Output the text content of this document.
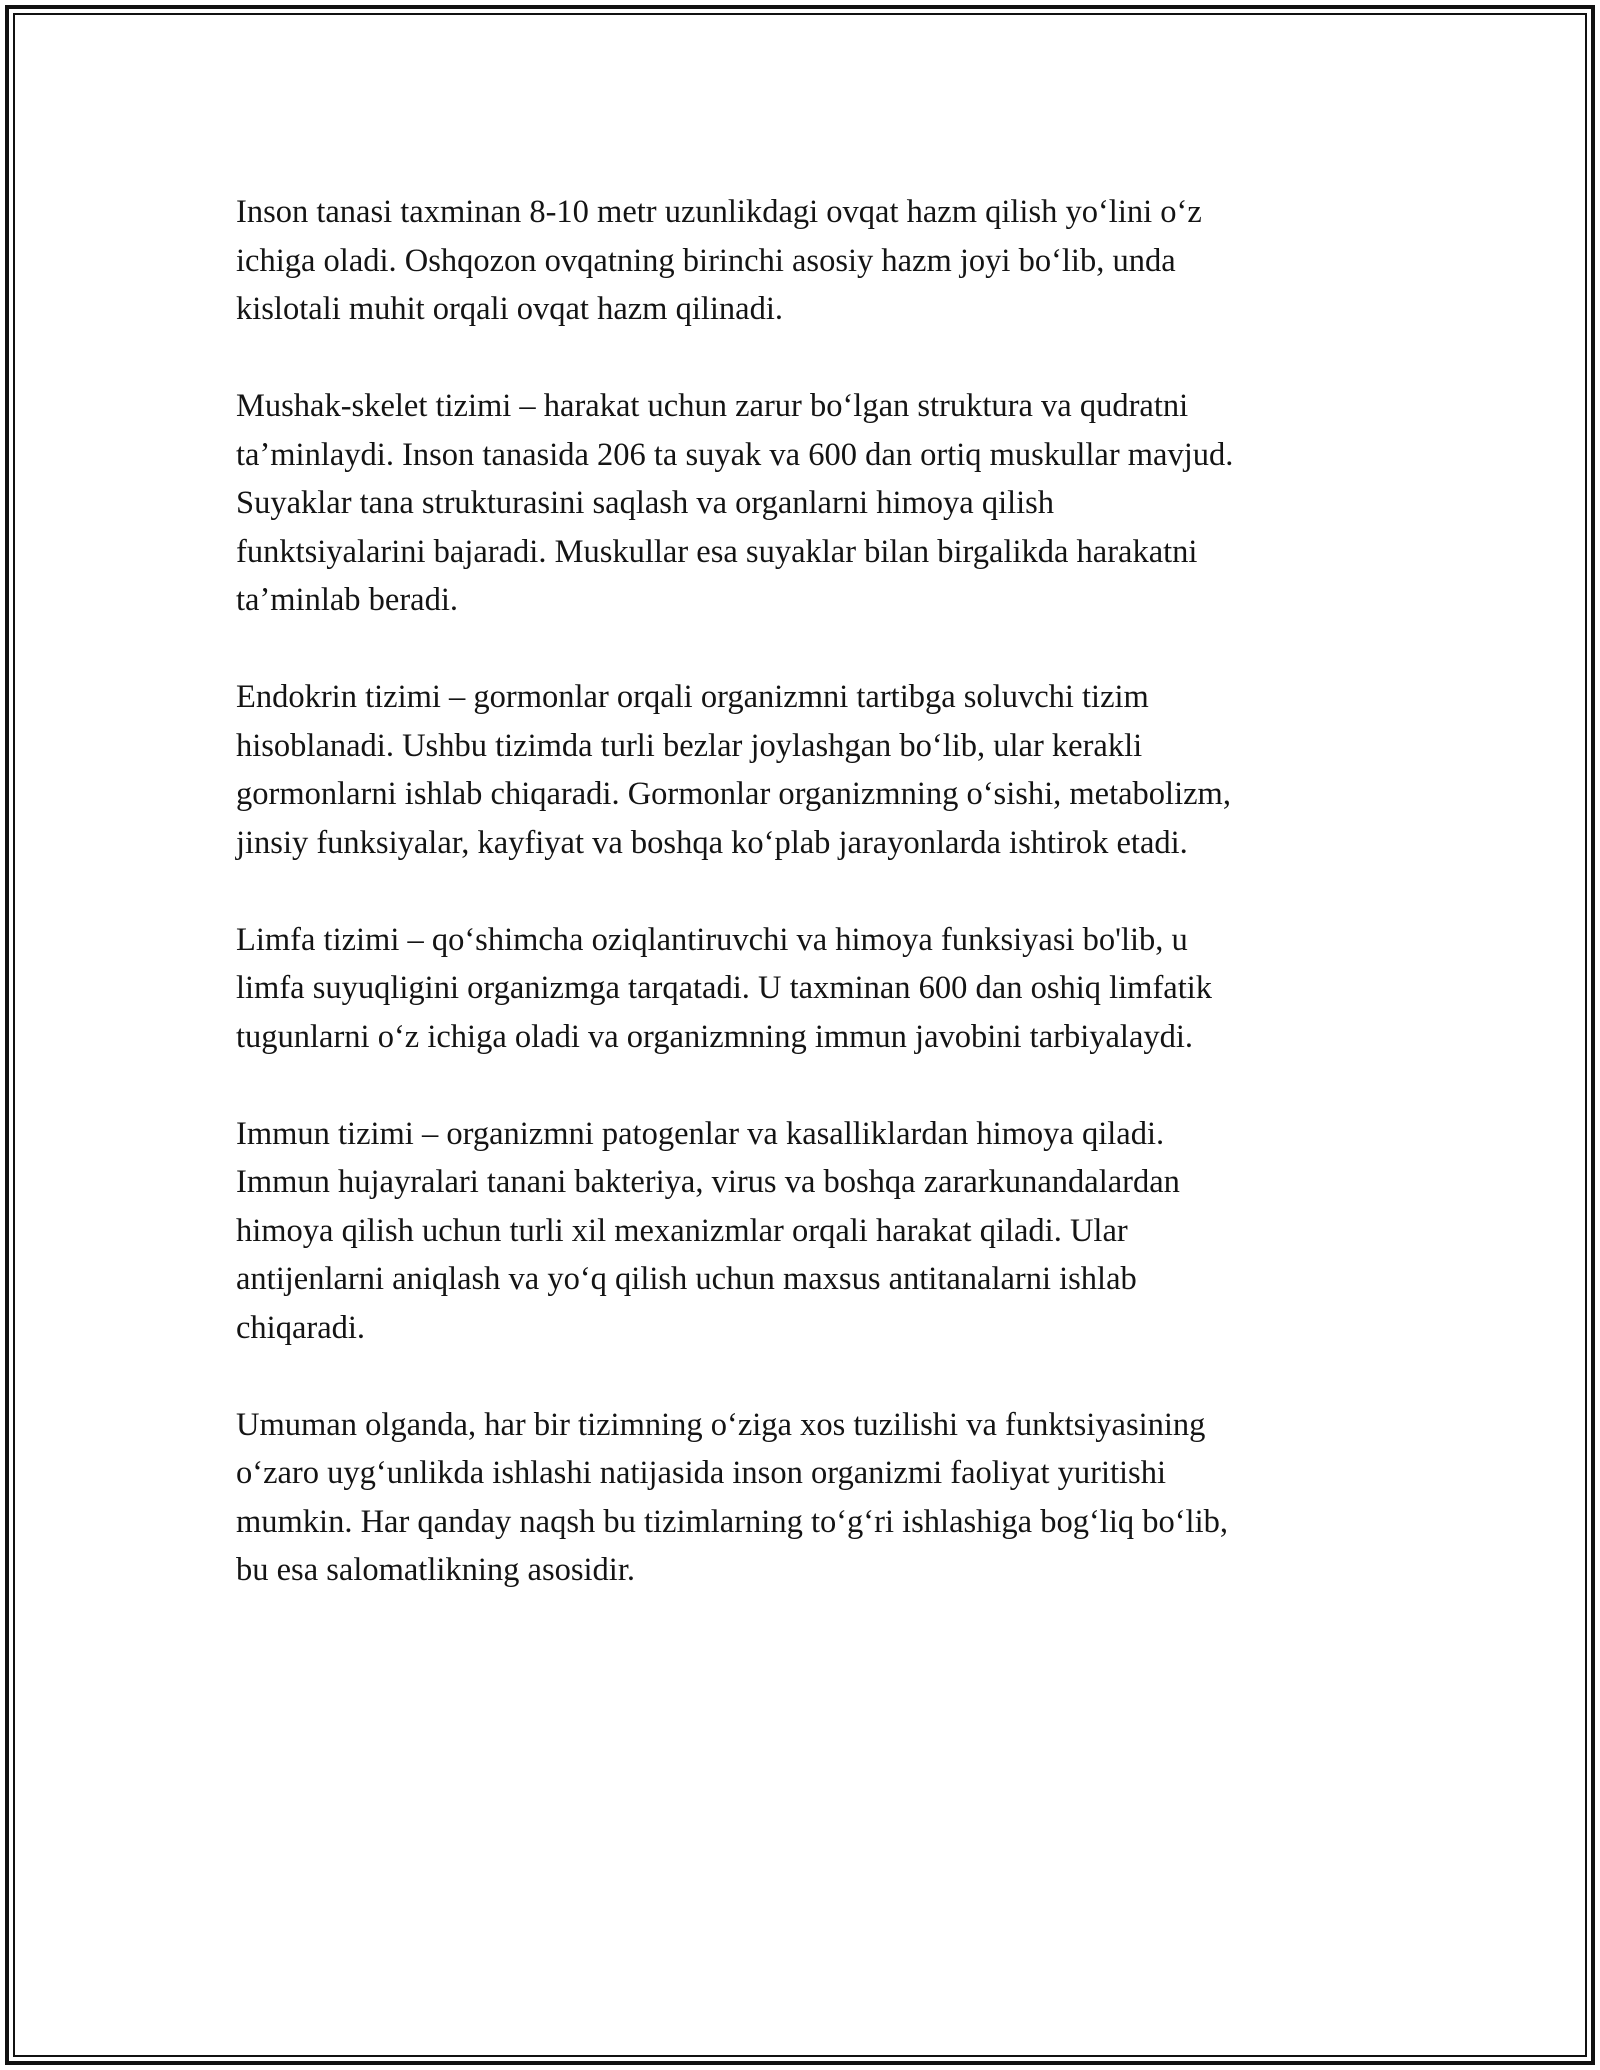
Inson tanasi taxminan 8-10 metr uzunlikdagi ovqat hazm qilish yoʻlini oʻz
ichiga oladi. Oshqozon ovqatning birinchi asosiy hazm joyi boʻlib, unda
kislotali muhit orqali ovqat hazm qilinadi.

Mushak-skelet tizimi – harakat uchun zarur boʻlgan struktura va qudratni
taʼminlaydi. Inson tanasida 206 ta suyak va 600 dan ortiq muskullar mavjud.
Suyaklar tana strukturasini saqlash va organlarni himoya qilish
funktsiyalarini bajaradi. Muskullar esa suyaklar bilan birgalikda harakatni
taʼminlab beradi.

Endokrin tizimi – gormonlar orqali organizmni tartibga soluvchi tizim
hisoblanadi. Ushbu tizimda turli bezlar joylashgan boʻlib, ular kerakli
gormonlarni ishlab chiqaradi. Gormonlar organizmning oʻsishi, metabolizm,
jinsiy funksiyalar, kayfiyat va boshqa koʻplab jarayonlarda ishtirok etadi.

Limfa tizimi – qoʻshimcha oziqlantiruvchi va himoya funksiyasi bo'lib, u
limfa suyuqligini organizmga tarqatadi. U taxminan 600 dan oshiq limfatik
tugunlarni oʻz ichiga oladi va organizmning immun javobini tarbiyalaydi.

Immun tizimi – organizmni patogenlar va kasalliklardan himoya qiladi.
Immun hujayralari tanani bakteriya, virus va boshqa zararkunandalardan
himoya qilish uchun turli xil mexanizmlar orqali harakat qiladi. Ular
antijenlarni aniqlash va yoʻq qilish uchun maxsus antitanalarni ishlab
chiqaradi.

Umuman olganda, har bir tizimning oʻziga xos tuzilishi va funktsiyasining
oʻzaro uygʻunlikda ishlashi natijasida inson organizmi faoliyat yuritishi
mumkin. Har qanday naqsh bu tizimlarning toʻgʻri ishlashiga bogʻliq boʻlib,
bu esa salomatlikning asosidir.
